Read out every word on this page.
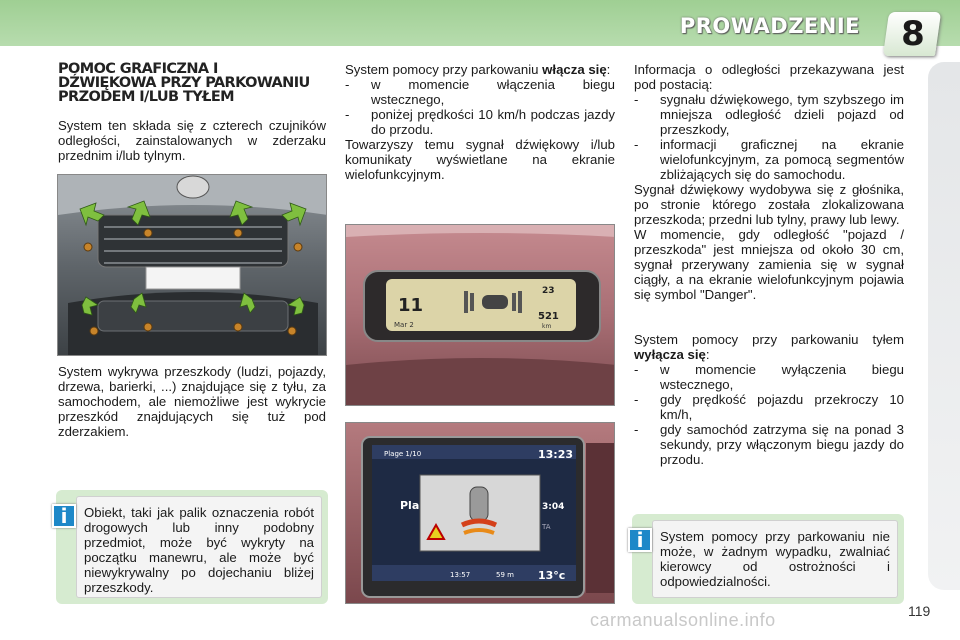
PROWADZENIE 8
POMOC GRAFICZNA I
DŹWIĘKOWA PRZY PARKOWANIU
PRZODEM I/LUB TYŁEM

System ten składa się z czterech czujników odległości, zainstalowanych w zderzaku przednim i/lub tylnym.

System wykrywa przeszkody (ludzi, pojazdy, drzewa, barierki, ...) znajdujące się z tyłu, za samochodem, ale niemożliwe jest wykrycie przeszkód znajdujących się tuż pod zderzakiem.

Obiekt, taki jak palik oznaczenia robót drogowych lub inny podobny przedmiot, może być wykryty na początku manewru, ale może być niewykrywalny po dojechaniu bliżej przeszkody.
i

System pomocy przy parkowaniu włącza się:

-	w momencie włączenia biegu wstecznego,
-	poniżej prędkości 10 km/h podczas jazdy do przodu.

Towarzyszy temu sygnał dźwiękowy i/lub komunikaty wyświetlane na ekranie wielofunkcyjnym.

11
Mar 2
23
521
km
Plage 1/10	13:23
Pla	3:04
TA
13:57	59 m 13°c

Informacja o odległości przekazywana jest pod postacią:

-	sygnału dźwiękowego, tym szybszego im mniejsza odległość dzieli pojazd od przeszkody,
-	informacji graficznej na ekranie wielofunkcyjnym, za pomocą segmentów zbliżających się do samochodu.

Sygnał dźwiękowy wydobywa się z głośnika, po stronie którego została zlokalizowana przeszkoda; przedni lub tylny, prawy lub lewy.

W momencie, gdy odległość "pojazd / przeszkoda" jest mniejsza od około 30 cm, sygnał przerywany zamienia się w sygnał ciągły, a na ekranie wielofunkcyjnym pojawia się symbol "Danger".

System pomocy przy parkowaniu tyłem wyłącza się:

-	w momencie wyłączenia biegu wstecznego,
-	gdy prędkość pojazdu przekroczy 10 km/h,
-	gdy samochód zatrzyma się na ponad 3 sekundy, przy włączonym biegu jazdy do przodu.
System pomocy przy parkowaniu nie może, w żadnym wypadku, zwalniać kierowcy od ostrożności i odpowiedzialności.
i
carmanualsonline.info	119
